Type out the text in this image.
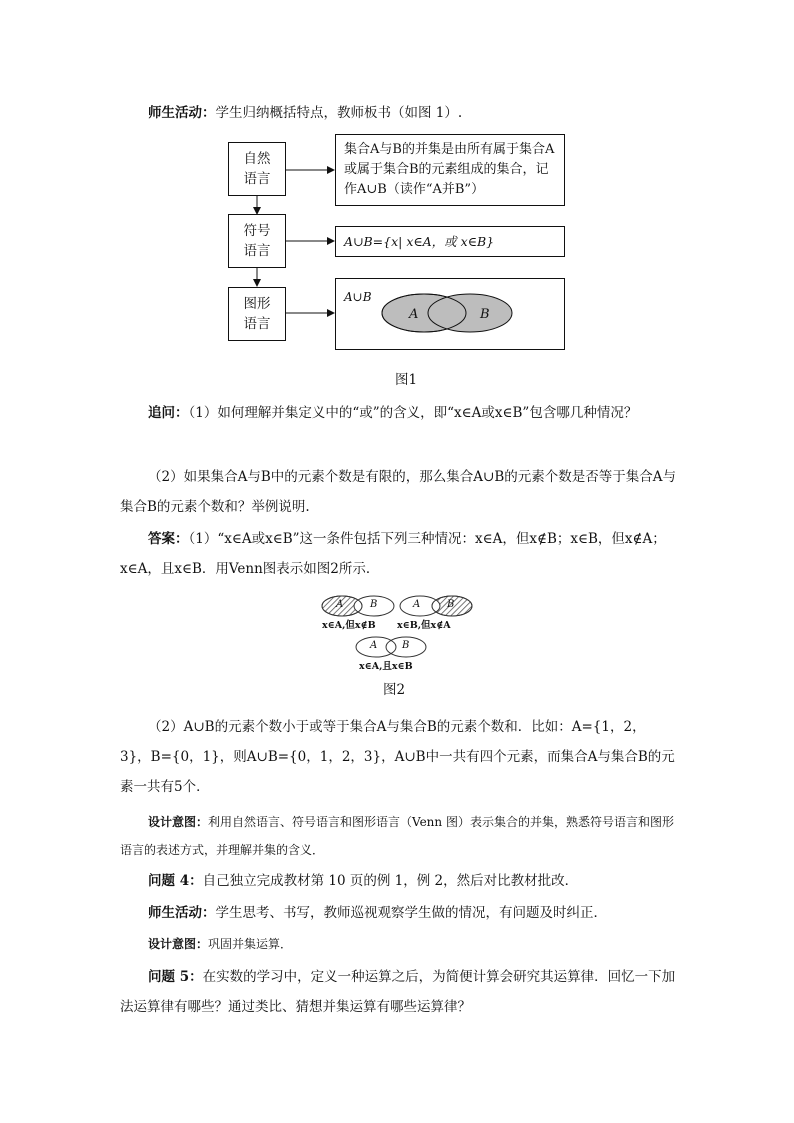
师生活动：学生归纳概括特点，教师板书（如图 1）.
自然
语言
符号
语言
图形
语言
集合A与B的并集是由所有属于集合A或属于集合B的元素组成的集合，记作A∪B（读作“A并B”）
A∪B={x| x∈A，或 x∈B}
A∪B
A	B
图1
追问：（1）如何理解并集定义中的“或”的含义，即“x∈A或x∈B”包含哪几种情况？
（2）如果集合A与B中的元素个数是有限的，那么集合A∪B的元素个数是否等于集合A与集合B的元素个数和？举例说明.
答案：（1）“x∈A或x∈B”这一条件包括下列三种情况：x∈A，但x∉B；x∈B，但x∉A；x∈A，且x∈B．用Venn图表示如图2所示．
A	B	A	B
A B
x∈A,但x∉B x∈B,但x∉A
x∈A,且x∈B
图2
（2）A∪B的元素个数小于或等于集合A与集合B的元素个数和．比如：A={1，2，3}，B={0，1}，则A∪B={0，1，2，3}，A∪B中一共有四个元素，而集合A与集合B的元素一共有5个．
设计意图：利用自然语言、符号语言和图形语言（Venn 图）表示集合的并集，熟悉符号语言和图形语言的表述方式，并理解并集的含义．
问题 4：自己独立完成教材第 10 页的例 1，例 2，然后对比教材批改．
师生活动：学生思考、书写，教师巡视观察学生做的情况，有问题及时纠正．
设计意图：巩固并集运算．
问题 5：在实数的学习中，定义一种运算之后，为简便计算会研究其运算律．回忆一下加法运算律有哪些？通过类比、猜想并集运算有哪些运算律？
